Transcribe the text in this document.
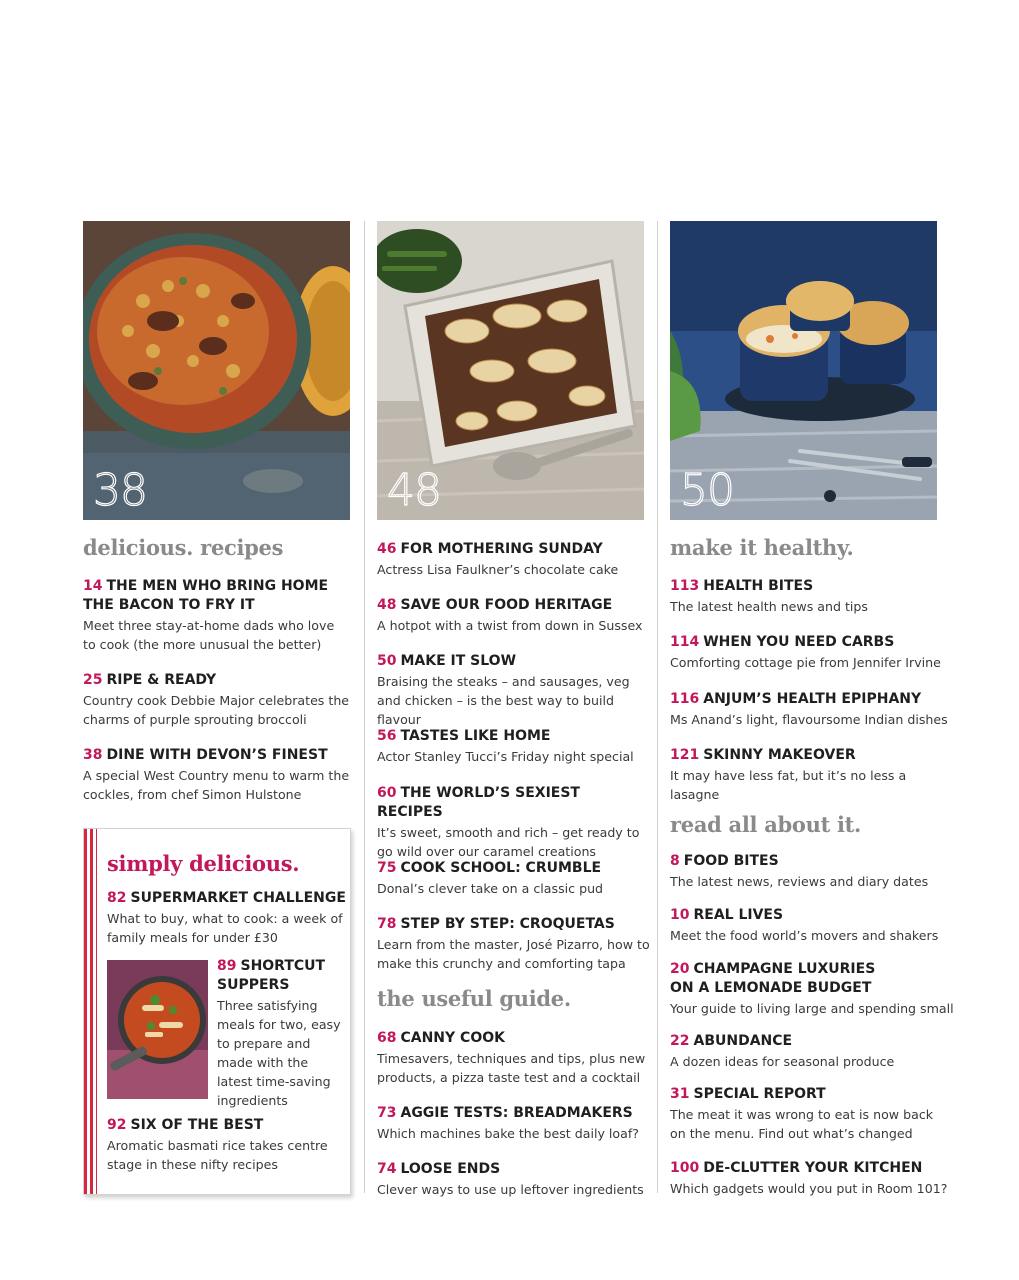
38
delicious. recipes
14 THE MEN WHO BRING HOME THE BACON TO FRY IT
Meet three stay-at-home dads who love to cook (the more unusual the better)
25 RIPE & READY
Country cook Debbie Major celebrates the charms of purple sprouting broccoli
38 DINE WITH DEVON’S FINEST
A special West Country menu to warm the cockles, from chef Simon Hulstone
simply delicious.
82 SUPERMARKET CHALLENGE
What to buy, what to cook: a week of family meals for under £30
89 SHORTCUT SUPPERS
Three satisfying meals for two, easy to prepare and made with the latest time-saving ingredients
92 SIX OF THE BEST
Aromatic basmati rice takes centre stage in these nifty recipes
48
46 FOR MOTHERING SUNDAY
Actress Lisa Faulkner’s chocolate cake
48 SAVE OUR FOOD HERITAGE
A hotpot with a twist from down in Sussex
50 MAKE IT SLOW
Braising the steaks – and sausages, veg and chicken – is the best way to build flavour
56 TASTES LIKE HOME
Actor Stanley Tucci’s Friday night special
60 THE WORLD’S SEXIEST RECIPES
It’s sweet, smooth and rich – get ready to go wild over our caramel creations
75 COOK SCHOOL: CRUMBLE
Donal’s clever take on a classic pud
78 STEP BY STEP: CROQUETAS
Learn from the master, José Pizarro, how to make this crunchy and comforting tapa
the useful guide.
68 CANNY COOK
Timesavers, techniques and tips, plus new products, a pizza taste test and a cocktail
73 AGGIE TESTS: BREADMAKERS
Which machines bake the best daily loaf?
74 LOOSE ENDS
Clever ways to use up leftover ingredients
50
make it healthy.
113 HEALTH BITES
The latest health news and tips
114 WHEN YOU NEED CARBS
Comforting cottage pie from Jennifer Irvine
116 ANJUM’S HEALTH EPIPHANY
Ms Anand’s light, flavoursome Indian dishes
121 SKINNY MAKEOVER
It may have less fat, but it’s no less a lasagne
read all about it.
8 FOOD BITES
The latest news, reviews and diary dates
10 REAL LIVES
Meet the food world’s movers and shakers
20 CHAMPAGNE LUXURIES ON A LEMONADE BUDGET
Your guide to living large and spending small
22 ABUNDANCE
A dozen ideas for seasonal produce
31 SPECIAL REPORT
The meat it was wrong to eat is now back on the menu. Find out what’s changed
100 DE-CLUTTER YOUR KITCHEN
Which gadgets would you put in Room 101?
